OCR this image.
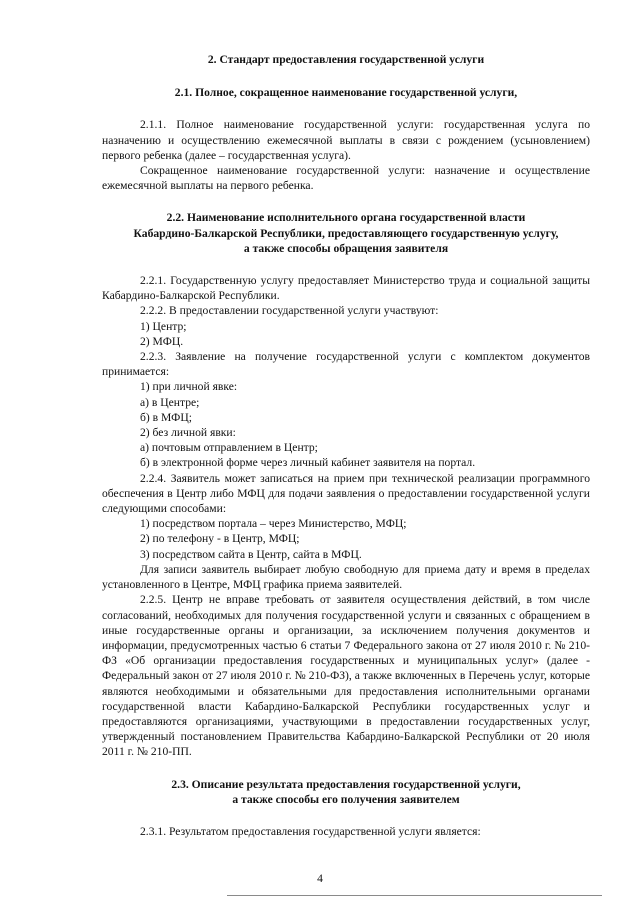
2. Стандарт предоставления государственной услуги

2.1. Полное, сокращенное наименование государственной услуги,

2.1.1. Полное наименование государственной услуги: государственная услуга по назначению и осуществлению ежемесячной выплаты в связи с рождением (усыновлением) первого ребенка (далее – государственная услуга).

Сокращенное наименование государственной услуги: назначение и осуществление ежемесячной выплаты на первого ребенка.

2.2. Наименование исполнительного органа государственной власти
Кабардино-Балкарской Республики, предоставляющего государственную услугу,
а также способы обращения заявителя

2.2.1. Государственную услугу предоставляет Министерство труда и социальной защиты Кабардино-Балкарской Республики.

2.2.2. В предоставлении государственной услуги участвуют:

1) Центр;

2) МФЦ.

2.2.3. Заявление на получение государственной услуги с комплектом документов принимается:

1) при личной явке:

а) в Центре;

б) в МФЦ;

2) без личной явки:

а) почтовым отправлением в Центр;

б) в электронной форме через личный кабинет заявителя на портал.

2.2.4. Заявитель может записаться на прием при технической реализации программного обеспечения в Центр либо МФЦ для подачи заявления о предоставлении государственной услуги следующими способами:

1) посредством портала – через Министерство, МФЦ;

2) по телефону - в Центр, МФЦ;

3) посредством сайта в Центр, сайта в МФЦ.

Для записи заявитель выбирает любую свободную для приема дату и время в пределах установленного в Центре, МФЦ графика приема заявителей.

2.2.5. Центр не вправе требовать от заявителя осуществления действий, в том числе согласований, необходимых для получения государственной услуги и связанных с обращением в иные государственные органы и организации, за исключением получения документов и информации, предусмотренных частью 6 статьи 7 Федерального закона от 27 июля 2010 г. № 210-ФЗ «Об организации предоставления государственных и муниципальных услуг» (далее - Федеральный закон от 27 июля 2010 г. № 210-ФЗ), а также включенных в Перечень услуг, которые являются необходимыми и обязательными для предоставления исполнительными органами государственной власти Кабардино-Балкарской Республики государственных услуг и предоставляются организациями, участвующими в предоставлении государственных услуг, утвержденный постановлением Правительства Кабардино-Балкарской Республики от 20 июля 2011 г. № 210-ПП.

2.3. Описание результата предоставления государственной услуги,
а также способы его получения заявителем

2.3.1. Результатом предоставления государственной услуги является:

4
